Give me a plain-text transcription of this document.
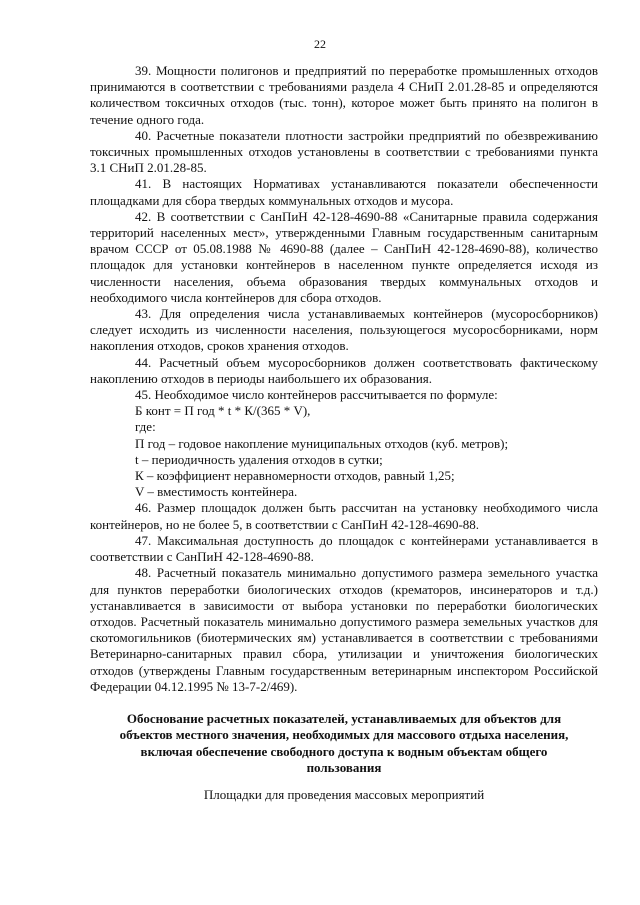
22

39. Мощности полигонов и предприятий по переработке промышленных отходов принимаются в соответствии с требованиями раздела 4 СНиП 2.01.28-85 и определяются количеством токсичных отходов (тыс. тонн), которое может быть принято на полигон в течение одного года.

40. Расчетные показатели плотности застройки предприятий по обезвреживанию токсичных промышленных отходов установлены в соответствии с требованиями пункта 3.1 СНиП 2.01.28-85.

41. В настоящих Нормативах устанавливаются показатели обеспеченности площадками для сбора твердых коммунальных отходов и мусора.

42. В соответствии с СанПиН 42-128-4690-88 «Санитарные правила содержания территорий населенных мест», утвержденными Главным государственным санитарным врачом СССР от 05.08.1988 № 4690-88 (далее – СанПиН 42-128-4690-88), количество площадок для установки контейнеров в населенном пункте определяется исходя из численности населения, объема образования твердых коммунальных отходов и необходимого числа контейнеров для сбора отходов.

43. Для определения числа устанавливаемых контейнеров (мусоросборников) следует исходить из численности населения, пользующегося мусоросборниками, норм накопления отходов, сроков хранения отходов.

44. Расчетный объем мусоросборников должен соответствовать фактическому накоплению отходов в периоды наибольшего их образования.

45. Необходимое число контейнеров рассчитывается по формуле:

Б конт = П год * t * К/(365 * V),

где:

П год – годовое накопление муниципальных отходов (куб. метров);

t – периодичность удаления отходов в сутки;

К – коэффициент неравномерности отходов, равный 1,25;

V – вместимость контейнера.

46. Размер площадок должен быть рассчитан на установку необходимого числа контейнеров, но не более 5, в соответствии с СанПиН 42-128-4690-88.

47. Максимальная доступность до площадок с контейнерами устанавливается в соответствии с СанПиН 42-128-4690-88.

48. Расчетный показатель минимально допустимого размера земельного участка для пунктов переработки биологических отходов (крематоров, инсинераторов и т.д.) устанавливается в зависимости от выбора установки по переработки биологических отходов. Расчетный показатель минимально допустимого размера земельных участков для скотомогильников (биотермических ям) устанавливается в соответствии с требованиями Ветеринарно-санитарных правил сбора, утилизации и уничтожения биологических отходов (утверждены Главным государственным ветеринарным инспектором Российской Федерации 04.12.1995 № 13-7-2/469).

Обоснование расчетных показателей, устанавливаемых для объектов для объектов местного значения, необходимых для массового отдыха населения, включая обеспечение свободного доступа к водным объектам общего пользования

Площадки для проведения массовых мероприятий
